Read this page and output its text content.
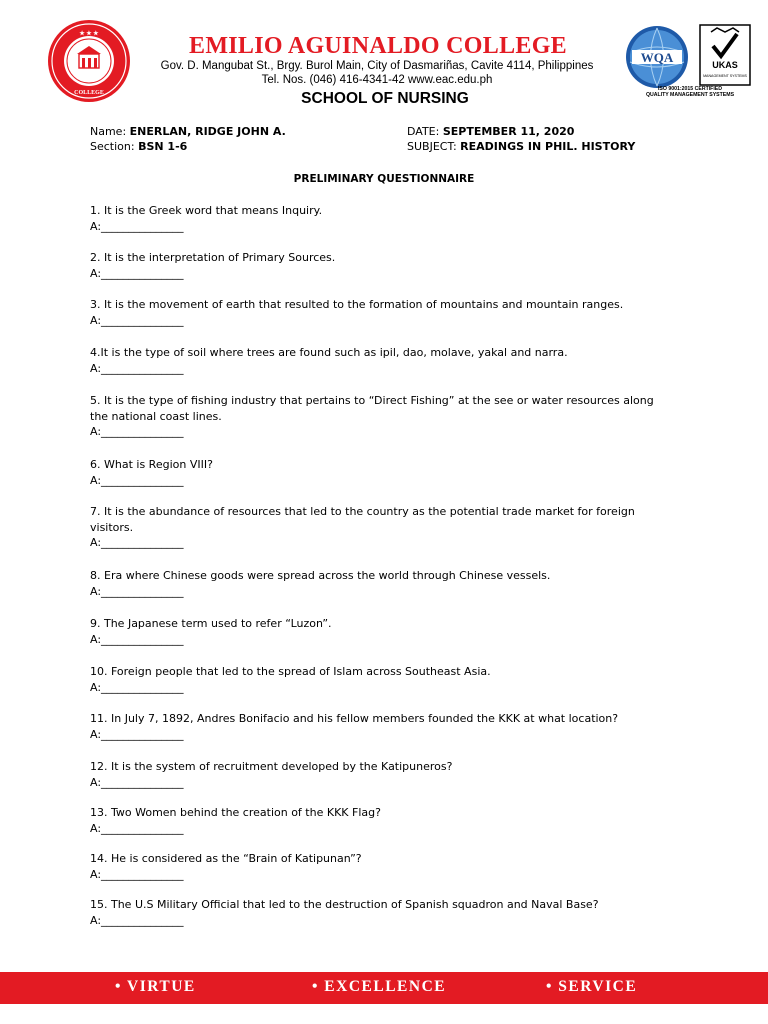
★ ★ ★
COLLEGE
EMILIO AGUINALDO COLLEGE
Gov. D. Mangubat St., Brgy. Burol Main, City of Dasmariñas, Cavite 4114, Philippines
Tel. Nos. (046) 416-4341-42 www.eac.edu.ph
SCHOOL OF NURSING
WQA	UKAS
MANAGEMENT SYSTEMS
ISO 9001:2015 CERTIFIED
QUALITY MANAGEMENT SYSTEMS
Name: ENERLAN, RIDGE JOHN A.
Section: BSN 1-6
DATE: SEPTEMBER 11, 2020
SUBJECT: READINGS IN PHIL. HISTORY
PRELIMINARY QUESTIONNAIRE
1. It is the Greek word that means Inquiry.
A:_______________
2. It is the interpretation of Primary Sources.
A:_______________
3. It is the movement of earth that resulted to the formation of mountains and mountain ranges.
A:_______________
4.It is the type of soil where trees are found such as ipil, dao, molave, yakal and narra.
A:_______________
5. It is the type of fishing industry that pertains to “Direct Fishing” at the see or water resources along the national coast lines.
A:_______________
6. What is Region VIII?
A:_______________
7. It is the abundance of resources that led to the country as the potential trade market for foreign visitors.
A:_______________
8. Era where Chinese goods were spread across the world through Chinese vessels.
A:_______________
9. The Japanese term used to refer “Luzon”.
A:_______________
10. Foreign people that led to the spread of Islam across Southeast Asia.
A:_______________
11. In July 7, 1892, Andres Bonifacio and his fellow members founded the KKK at what location?
A:_______________
12. It is the system of recruitment developed by the Katipuneros?
A:_______________
13. Two Women behind the creation of the KKK Flag?
A:_______________
14. He is considered as the “Brain of Katipunan”?
A:_______________
15. The U.S Military Official that led to the destruction of Spanish squadron and Naval Base?
A:_______________
• VIRTUE	• EXCELLENCE	• SERVICE
